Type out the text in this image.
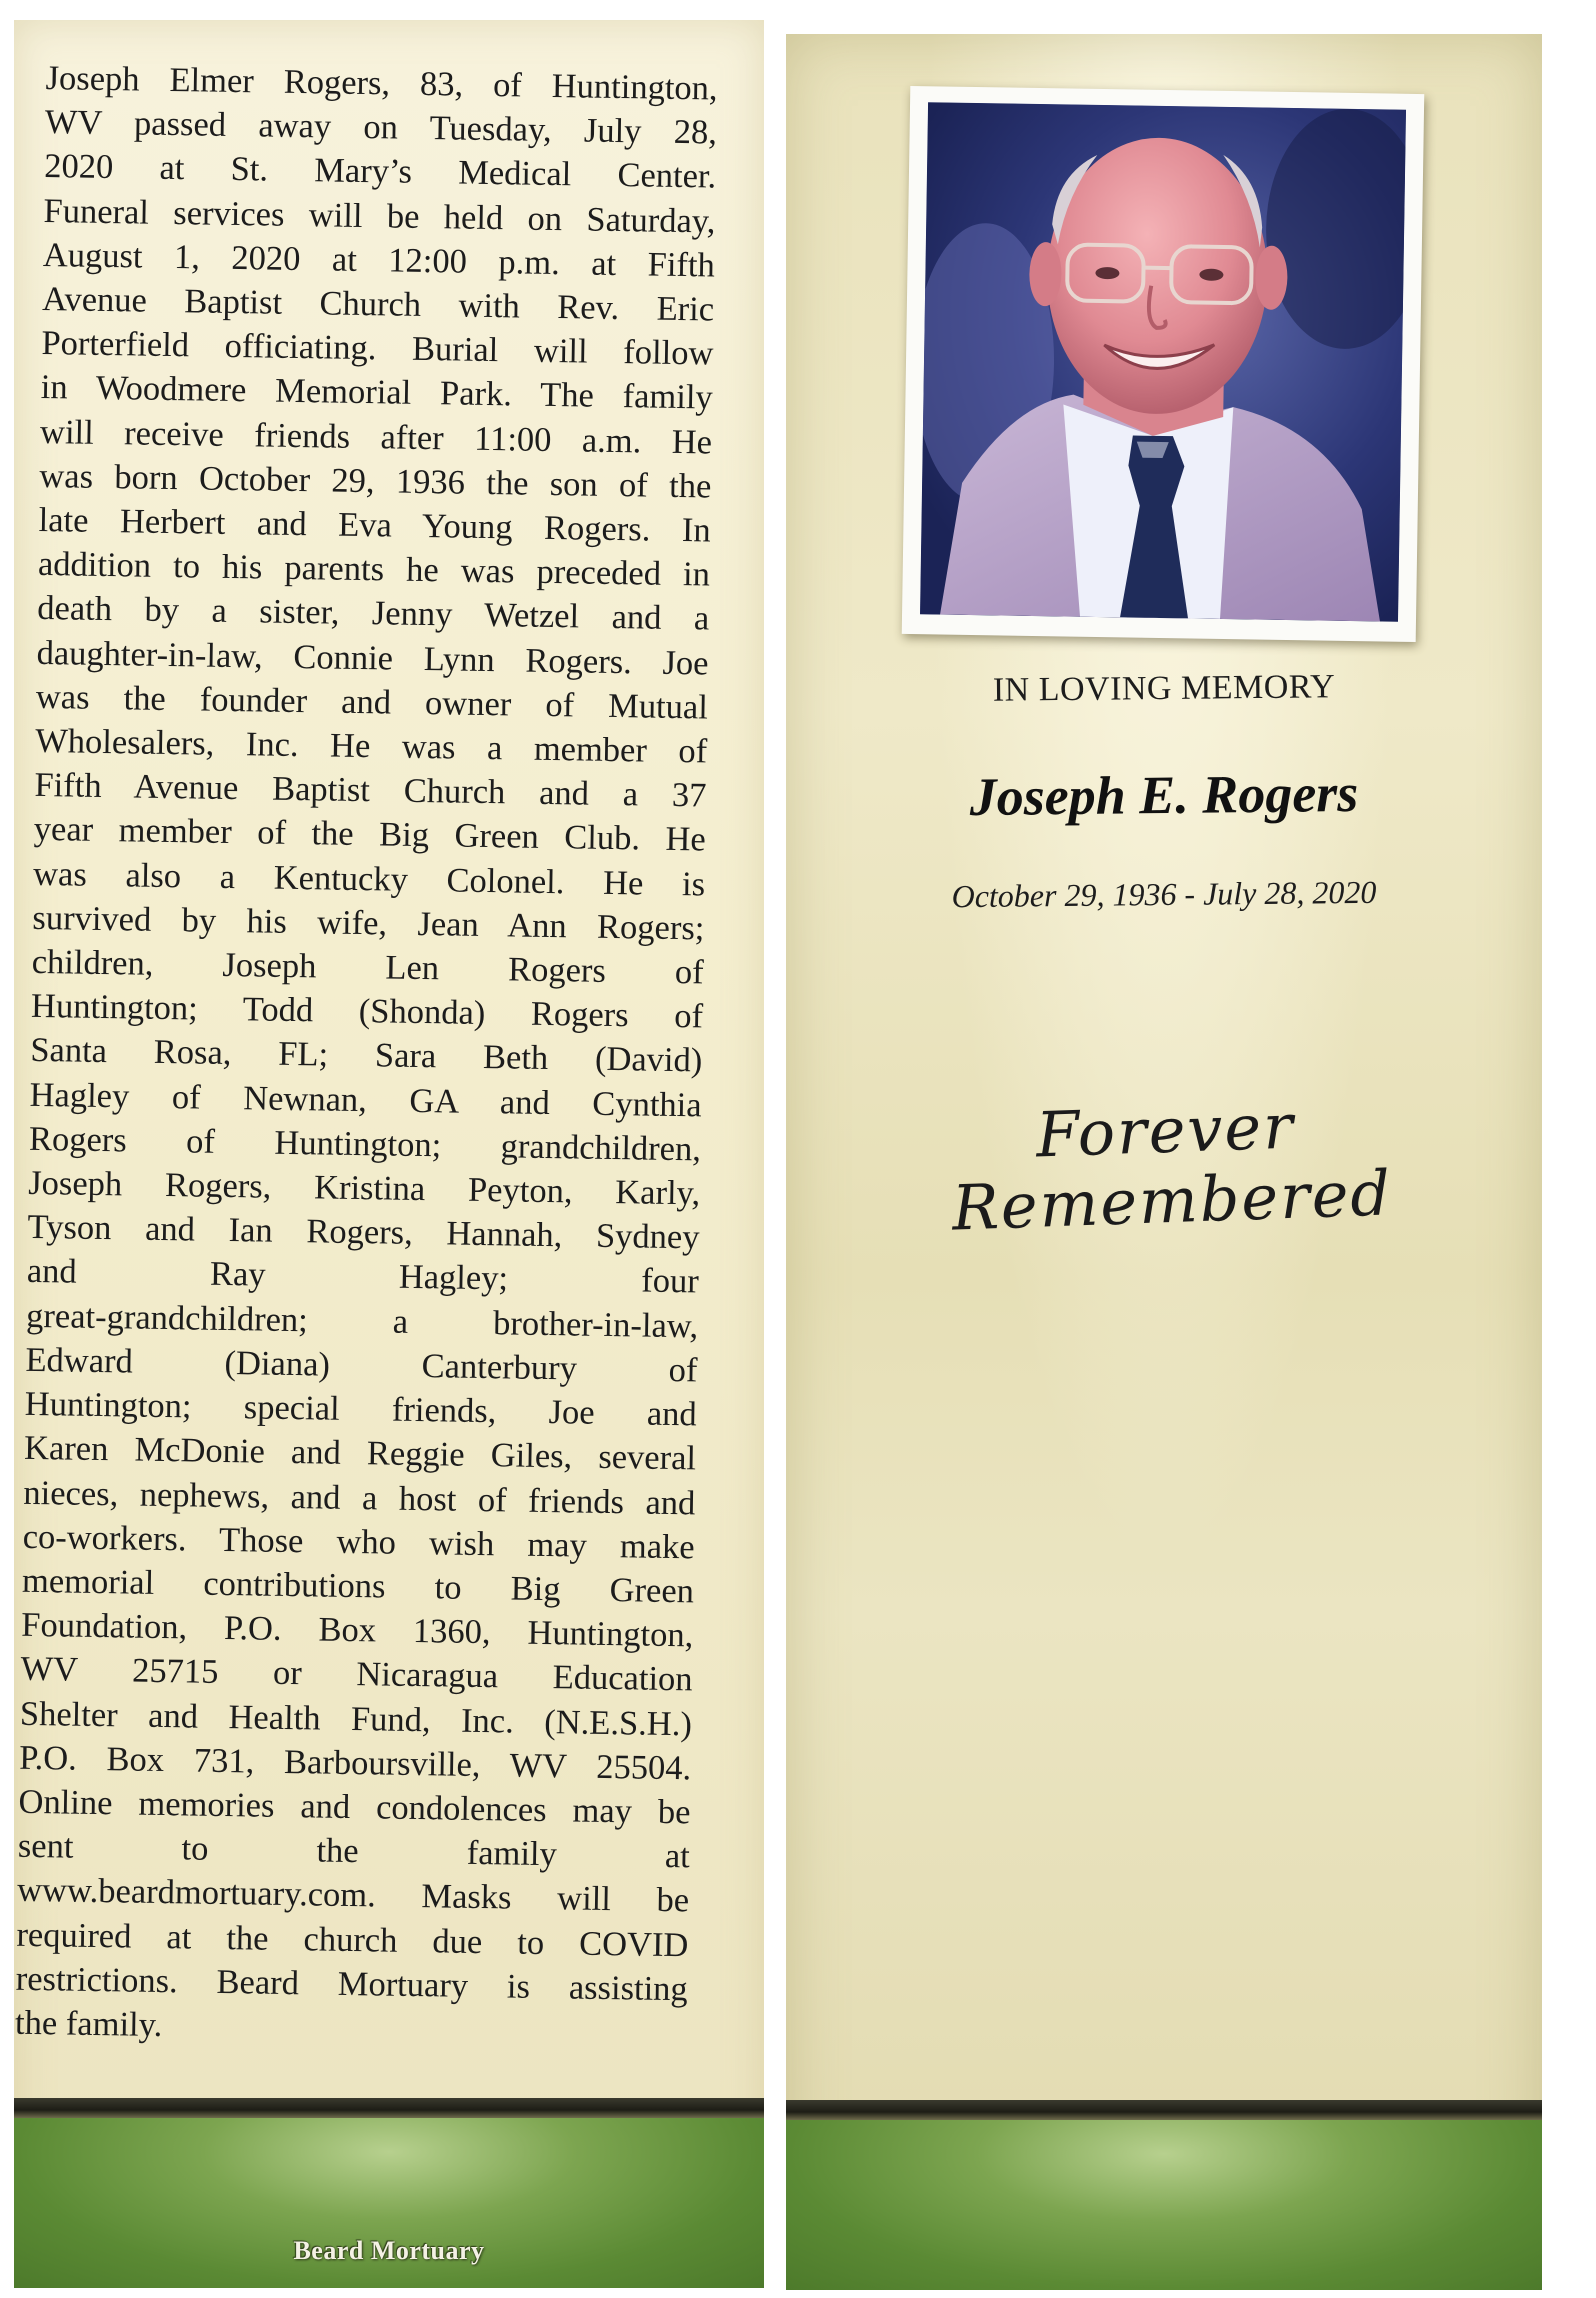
Joseph Elmer Rogers, 83, of Huntington,
WV passed away on Tuesday, July 28,
2020 at St. Mary’s Medical Center.
Funeral services will be held on Saturday,
August 1, 2020 at 12:00 p.m. at Fifth
Avenue Baptist Church with Rev. Eric
Porterfield officiating. Burial will follow
in Woodmere Memorial Park. The family
will receive friends after 11:00 a.m. He
was born October 29, 1936 the son of the
late Herbert and Eva Young Rogers. In
addition to his parents he was preceded in
death by a sister, Jenny Wetzel and a
daughter-in-law, Connie Lynn Rogers. Joe
was the founder and owner of Mutual
Wholesalers, Inc. He was a member of
Fifth Avenue Baptist Church and a 37
year member of the Big Green Club. He
was also a Kentucky Colonel. He is
survived by his wife, Jean Ann Rogers;
children, Joseph Len Rogers of
Huntington; Todd (Shonda) Rogers of
Santa Rosa, FL; Sara Beth (David)
Hagley of Newnan, GA and Cynthia
Rogers of Huntington; grandchildren,
Joseph Rogers, Kristina Peyton, Karly,
Tyson and Ian Rogers, Hannah, Sydney
and Ray Hagley; four
great-grandchildren; a brother-in-law,
Edward (Diana) Canterbury of
Huntington; special friends, Joe and
Karen McDonie and Reggie Giles, several
nieces, nephews, and a host of friends and
co-workers. Those who wish may make
memorial contributions to Big Green
Foundation, P.O. Box 1360, Huntington,
WV 25715 or Nicaragua Education
Shelter and Health Fund, Inc. (N.E.S.H.)
P.O. Box 731, Barboursville, WV 25504.
Online memories and condolences may be
sent to the family at
www.beardmortuary.com. Masks will be
required at the church due to COVID
restrictions. Beard Mortuary is assisting
the family.
Beard Mortuary
IN LOVING MEMORY
Joseph E. Rogers
October 29, 1936 - July 28, 2020
Forever
Remembered
